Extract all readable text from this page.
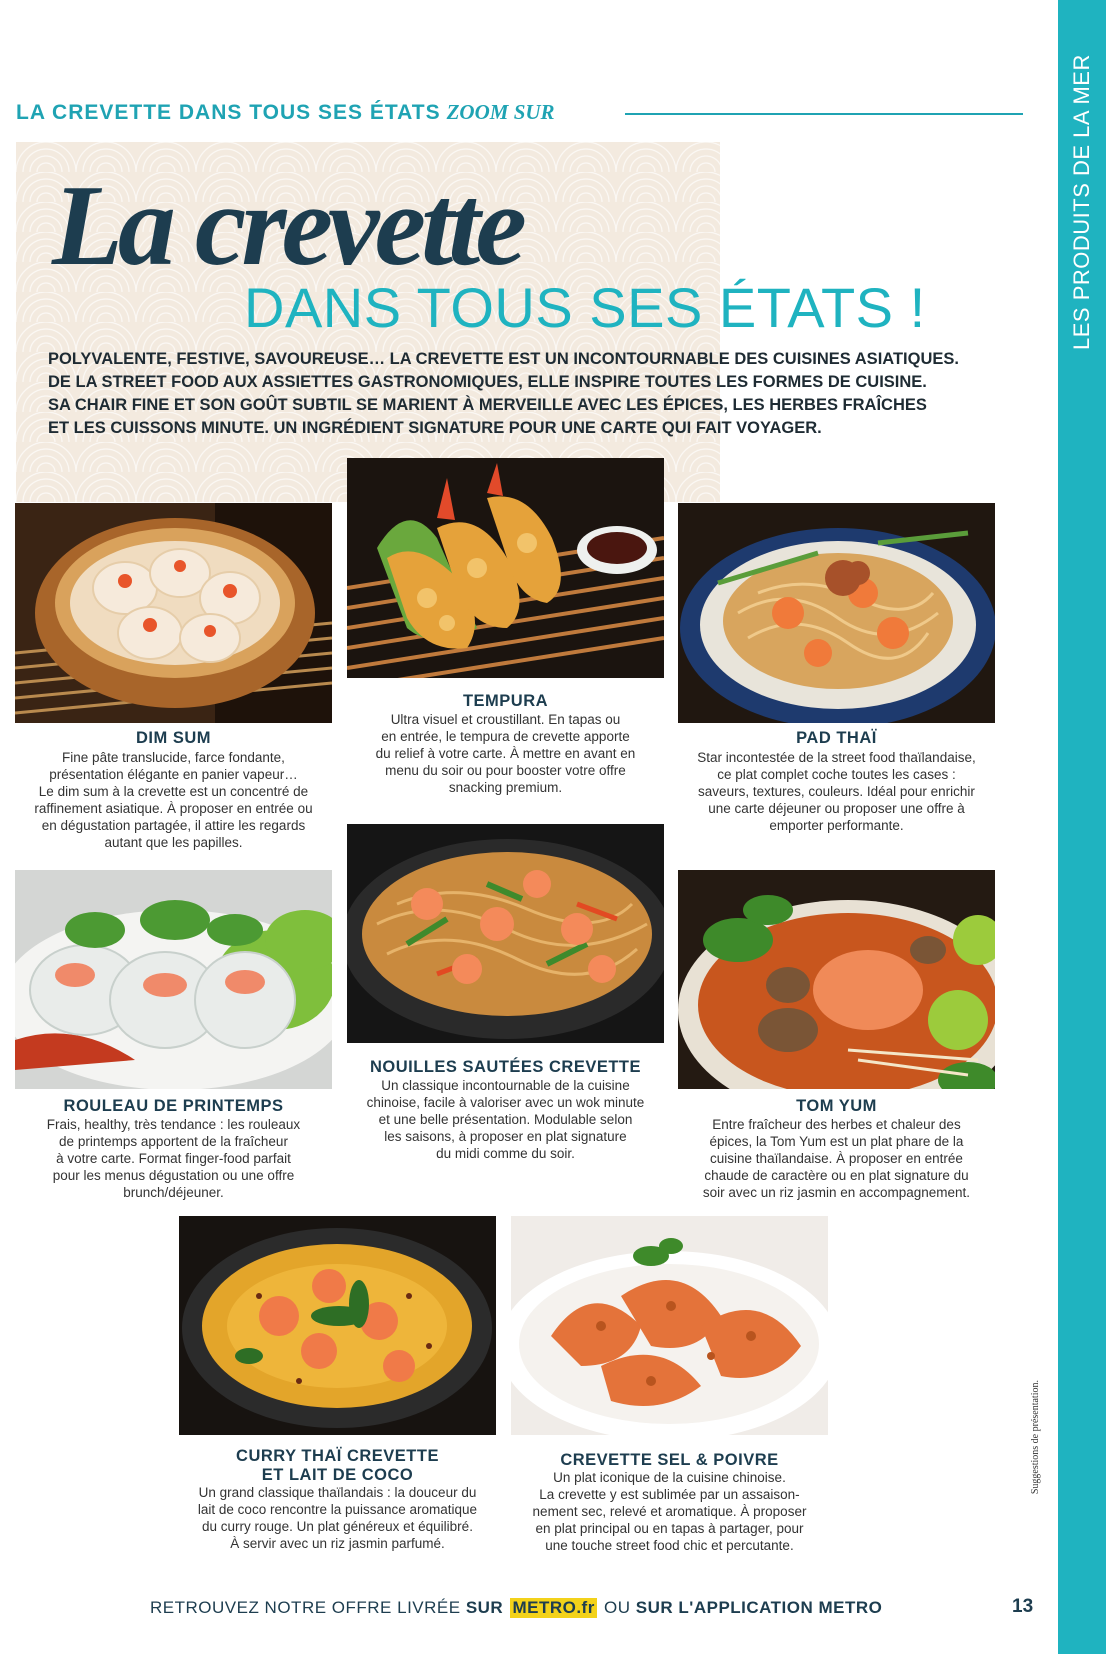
LES PRODUITS DE LA MER
LA CREVETTE DANS TOUS SES ÉTATS ZOOM SUR
La crevette
DANS TOUS SES ÉTATS !
POLYVALENTE, FESTIVE, SAVOUREUSE… LA CREVETTE EST UN INCONTOURNABLE DES CUISINES ASIATIQUES.
DE LA STREET FOOD AUX ASSIETTES GASTRONOMIQUES, ELLE INSPIRE TOUTES LES FORMES DE CUISINE.
SA CHAIR FINE ET SON GOÛT SUBTIL SE MARIENT À MERVEILLE AVEC LES ÉPICES, LES HERBES FRAÎCHES
ET LES CUISSONS MINUTE. UN INGRÉDIENT SIGNATURE POUR UNE CARTE QUI FAIT VOYAGER.
DIM SUM
Fine pâte translucide, farce fondante,
présentation élégante en panier vapeur…
Le dim sum à la crevette est un concentré de
raffinement asiatique. À proposer en entrée ou
en dégustation partagée, il attire les regards
autant que les papilles.
TEMPURA
Ultra visuel et croustillant. En tapas ou
en entrée, le tempura de crevette apporte
du relief à votre carte. À mettre en avant en
menu du soir ou pour booster votre offre
snacking premium.
PAD THAÏ
Star incontestée de la street food thaïlandaise,
ce plat complet coche toutes les cases :
saveurs, textures, couleurs. Idéal pour enrichir
une carte déjeuner ou proposer une offre à
emporter performante.
ROULEAU DE PRINTEMPS
Frais, healthy, très tendance : les rouleaux
de printemps apportent de la fraîcheur
à votre carte. Format finger-food parfait
pour les menus dégustation ou une offre
brunch/déjeuner.
NOUILLES SAUTÉES CREVETTE
Un classique incontournable de la cuisine
chinoise, facile à valoriser avec un wok minute
et une belle présentation. Modulable selon
les saisons, à proposer en plat signature
du midi comme du soir.
TOM YUM
Entre fraîcheur des herbes et chaleur des
épices, la Tom Yum est un plat phare de la
cuisine thaïlandaise. À proposer en entrée
chaude de caractère ou en plat signature du
soir avec un riz jasmin en accompagnement.
CURRY THAÏ CREVETTE
ET LAIT DE COCO
Un grand classique thaïlandais : la douceur du
lait de coco rencontre la puissance aromatique
du curry rouge. Un plat généreux et équilibré.
À servir avec un riz jasmin parfumé.
CREVETTE SEL & POIVRE
Un plat iconique de la cuisine chinoise.
La crevette y est sublimée par un assaison-
nement sec, relevé et aromatique. À proposer
en plat principal ou en tapas à partager, pour
une touche street food chic et percutante.
Suggestions de présentation.
RETROUVEZ NOTRE OFFRE LIVRÉE SUR METRO.fr OU SUR L'APPLICATION METRO	13
